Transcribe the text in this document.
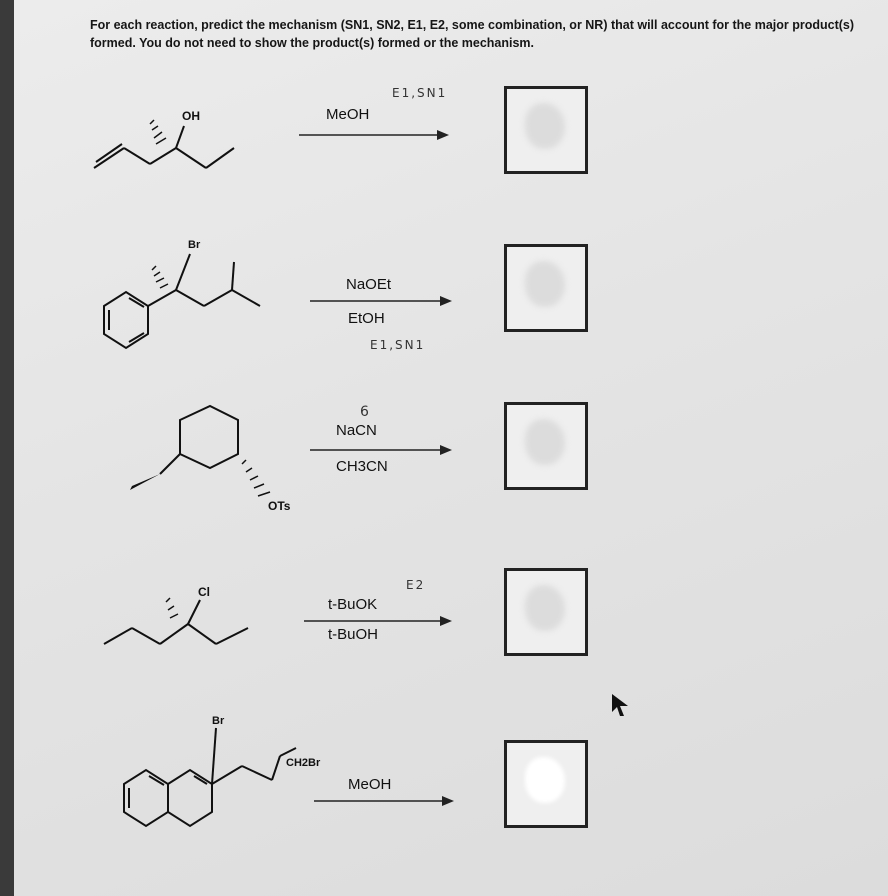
For each reaction, predict the mechanism (SN1, SN2, E1, E2, some combination, or NR) that will account for the major product(s) formed. You do not need to show the product(s) formed or the mechanism.
OH	MeOH
E1,SN1
Br
NaOEt
EtOH
E1,SN1
OTs
6
NaCN
CH3CN
Cl
t-BuOK
E2
t-BuOH
Br
CH2Br
MeOH
